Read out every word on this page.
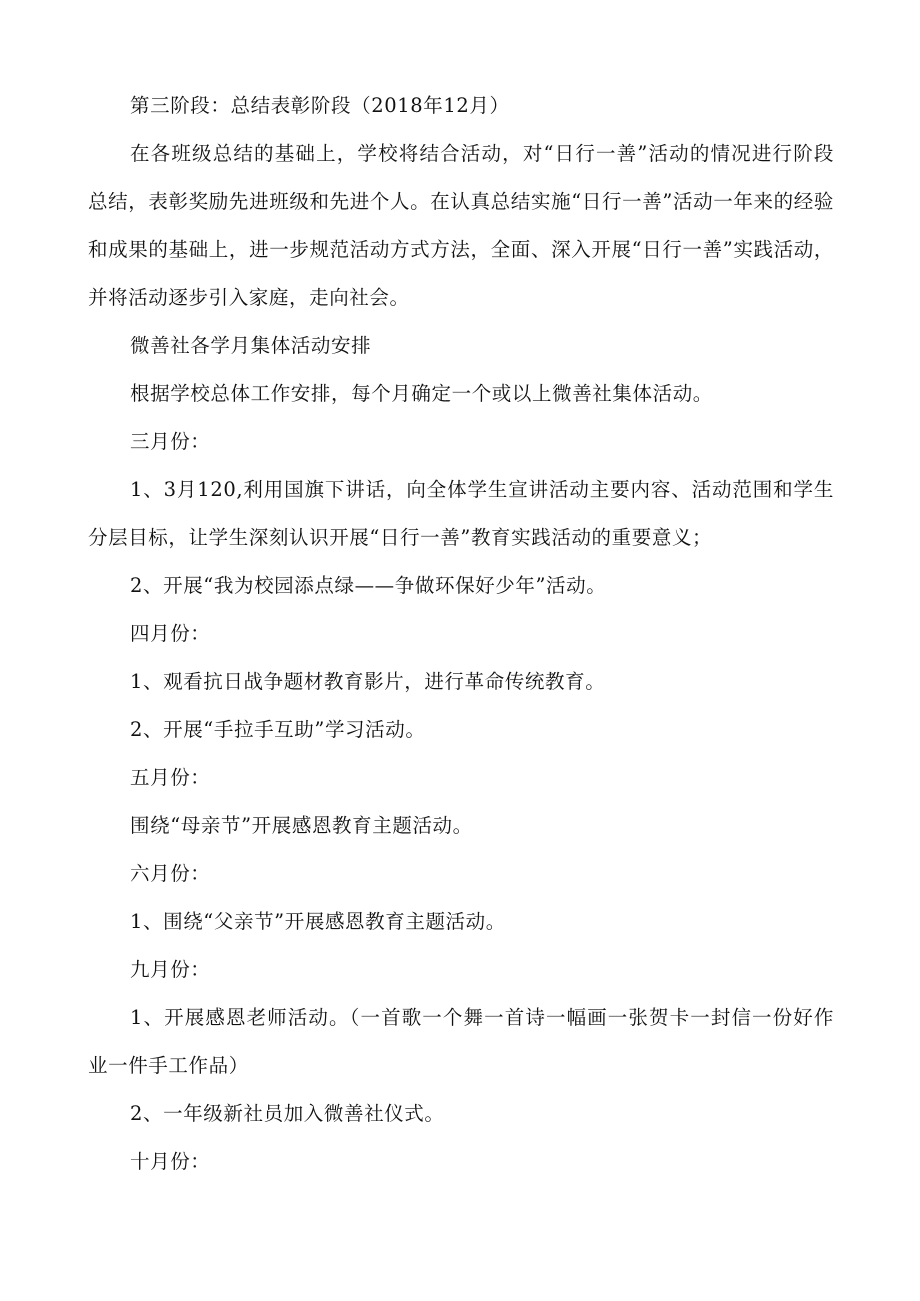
第三阶段：总结表彰阶段（2018年12月）

在各班级总结的基础上，学校将结合活动，对“日行一善”活动的情况进行阶段总结，表彰奖励先进班级和先进个人。在认真总结实施“日行一善”活动一年来的经验和成果的基础上，进一步规范活动方式方法，全面、深入开展“日行一善”实践活动，并将活动逐步引入家庭，走向社会。

微善社各学月集体活动安排

根据学校总体工作安排，每个月确定一个或以上微善社集体活动。

三月份：

1、3月120,利用国旗下讲话，向全体学生宣讲活动主要内容、活动范围和学生分层目标，让学生深刻认识开展“日行一善”教育实践活动的重要意义；

2、开展“我为校园添点绿——争做环保好少年”活动。

四月份：

1、观看抗日战争题材教育影片，进行革命传统教育。

2、开展“手拉手互助”学习活动。

五月份：

围绕“母亲节”开展感恩教育主题活动。

六月份：

1、围绕“父亲节”开展感恩教育主题活动。

九月份：

1、开展感恩老师活动。（一首歌一个舞一首诗一幅画一张贺卡一封信一份好作业一件手工作品）

2、一年级新社员加入微善社仪式。

十月份：
